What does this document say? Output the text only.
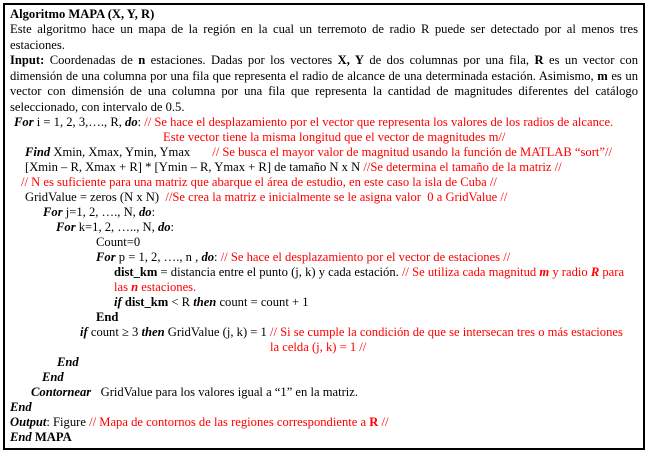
Algoritmo MAPA (X, Y, R)
Este algoritmo hace un mapa de la región en la cual un terremoto de radio R puede ser detectado por al menos tres estaciones.
Input: Coordenadas de n estaciones. Dadas por los vectores X, Y de dos columnas por una fila, R es un vector con dimensión de una columna por una fila que representa el radio de alcance de una determinada estación. Asimismo, m es un vector con dimensión de una columna por una fila que representa la cantidad de magnitudes diferentes del catálogo seleccionado, con intervalo de 0.5.
For i = 1, 2, 3,…., R, do: // Se hace el desplazamiento por el vector que representa los valores de los radios de alcance.
Este vector tiene la misma longitud que el vector de magnitudes m//
Find Xmin, Xmax, Ymin, Ymax // Se busca el mayor valor de magnitud usando la función de MATLAB “sort”//
[Xmin – R, Xmax + R] * [Ymin – R, Ymax + R] de tamaño N x N //Se determina el tamaño de la matriz //
// N es suficiente para una matriz que abarque el área de estudio, en este caso la isla de Cuba //
GridValue = zeros (N x N)  //Se crea la matriz e inicialmente se le asigna valor  0 a GridValue //
For j=1, 2, …., N, do:
For k=1, 2, ….., N, do:
Count=0
For p = 1, 2, …., n , do: // Se hace el desplazamiento por el vector de estaciones //
dist_km = distancia entre el punto (j, k) y cada estación. // Se utiliza cada magnitud m y radio R para
las n estaciones.
if dist_km < R then count = count + 1
End
if count ≥ 3 then GridValue (j, k) = 1 // Si se cumple la condición de que se intersecan tres o más estaciones
la celda (j, k) = 1 //
End
End
Contornear   GridValue para los valores igual a “1” en la matriz.
End
Output: Figure // Mapa de contornos de las regiones correspondiente a R //
End MAPA
